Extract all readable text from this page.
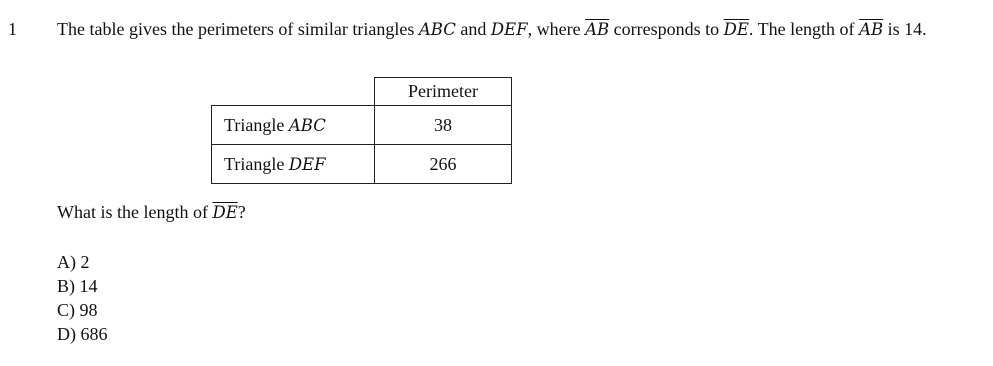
1 The table gives the perimeters of similar triangles ABC and DEF, where $\overline{AB}$ corresponds to $\overline{DE}$. The length of $\overline{AB}$ is 14.
	Perimeter
Triangle ABC	38
Triangle DEF	266
What is the length of $\overline{DE}$?
A) 2
B) 14
C) 98
D) 686
